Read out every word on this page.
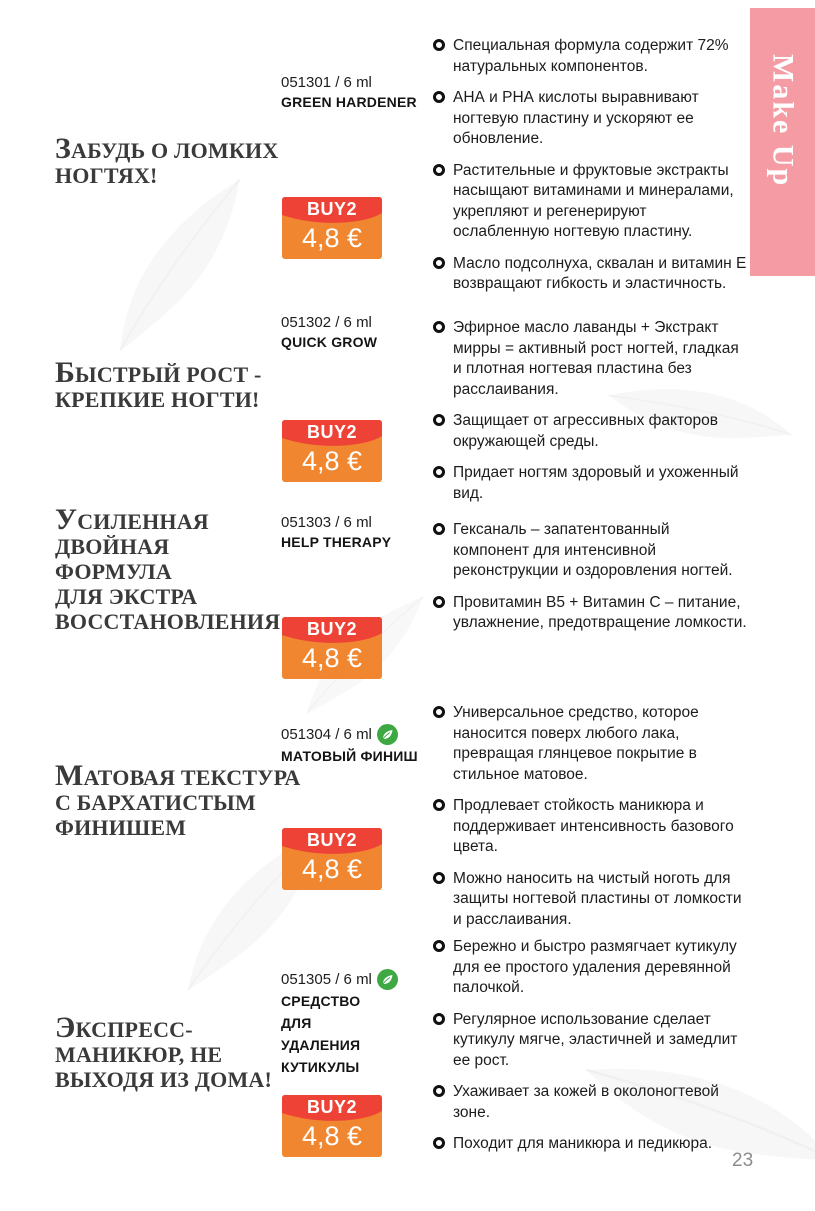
Make Up
Специальная формула содержит 72% натуральных компонентов.
АНА и РНА кислоты выравнивают ногтевую пластину и ускоряют ее обновление.
Растительные и фруктовые экстракты насыщают витаминами и минералами, укрепляют и регенерируют ослабленную ногтевую пластину.
Масло подсолнуха, сквалан и витамин Е возвращают гибкость и эластичность.
051301 / 6 ml
GREEN HARDENER
ЗАБУДЬ О ЛОМКИХ
НОГТЯХ!
BUY2
4,8 €
051302 / 6 ml
QUICK GROW
Эфирное масло лаванды + Экстракт мирры = активный рост ногтей, гладкая и плотная ногтевая пластина без расслаивания.
Защищает от агрессивных факторов окружающей среды.
Придает ногтям здоровый и ухоженный вид.
БЫСТРЫЙ РОСТ -
КРЕПКИЕ НОГТИ!
BUY2
4,8 €
УСИЛЕННАЯ
ДВОЙНАЯ
ФОРМУЛА
ДЛЯ ЭКСТРА
ВОССТАНОВЛЕНИЯ
051303 / 6 ml
HELP THERAPY
Гексаналь – запатентованный компонент для интенсивной реконструкции и оздоровления ногтей.
Провитамин В5 + Витамин С – питание, увлажнение, предотвращение ломкости.
BUY2
4,8 €
Универсальное средство, которое наносится поверх любого лака, превращая глянцевое покрытие в стильное матовое.
Продлевает стойкость маникюра и поддерживает интенсивность базового цвета.
Можно наносить на чистый ноготь для защиты ногтевой пластины от ломкости и расслаивания.
051304 / 6 ml
МАТОВЫЙ ФИНИШ
МАТОВАЯ ТЕКСТУРА
С БАРХАТИСТЫМ
ФИНИШЕМ	BUY2
4,8 €
Бережно и быстро размягчает кутикулу для ее простого удаления деревянной палочкой.
Регулярное использование сделает кутикулу мягче, эластичней и замедлит ее рост.
Ухаживает за кожей в околоногтевой зоне.
Походит для маникюра и педикюра.
051305 / 6 ml
СРЕДСТВО
ДЛЯ
УДАЛЕНИЯ
КУТИКУЛЫ
ЭКСПРЕСС-
МАНИКЮР, НЕ
ВЫХОДЯ ИЗ ДОМА!
BUY2
4,8 €
23
